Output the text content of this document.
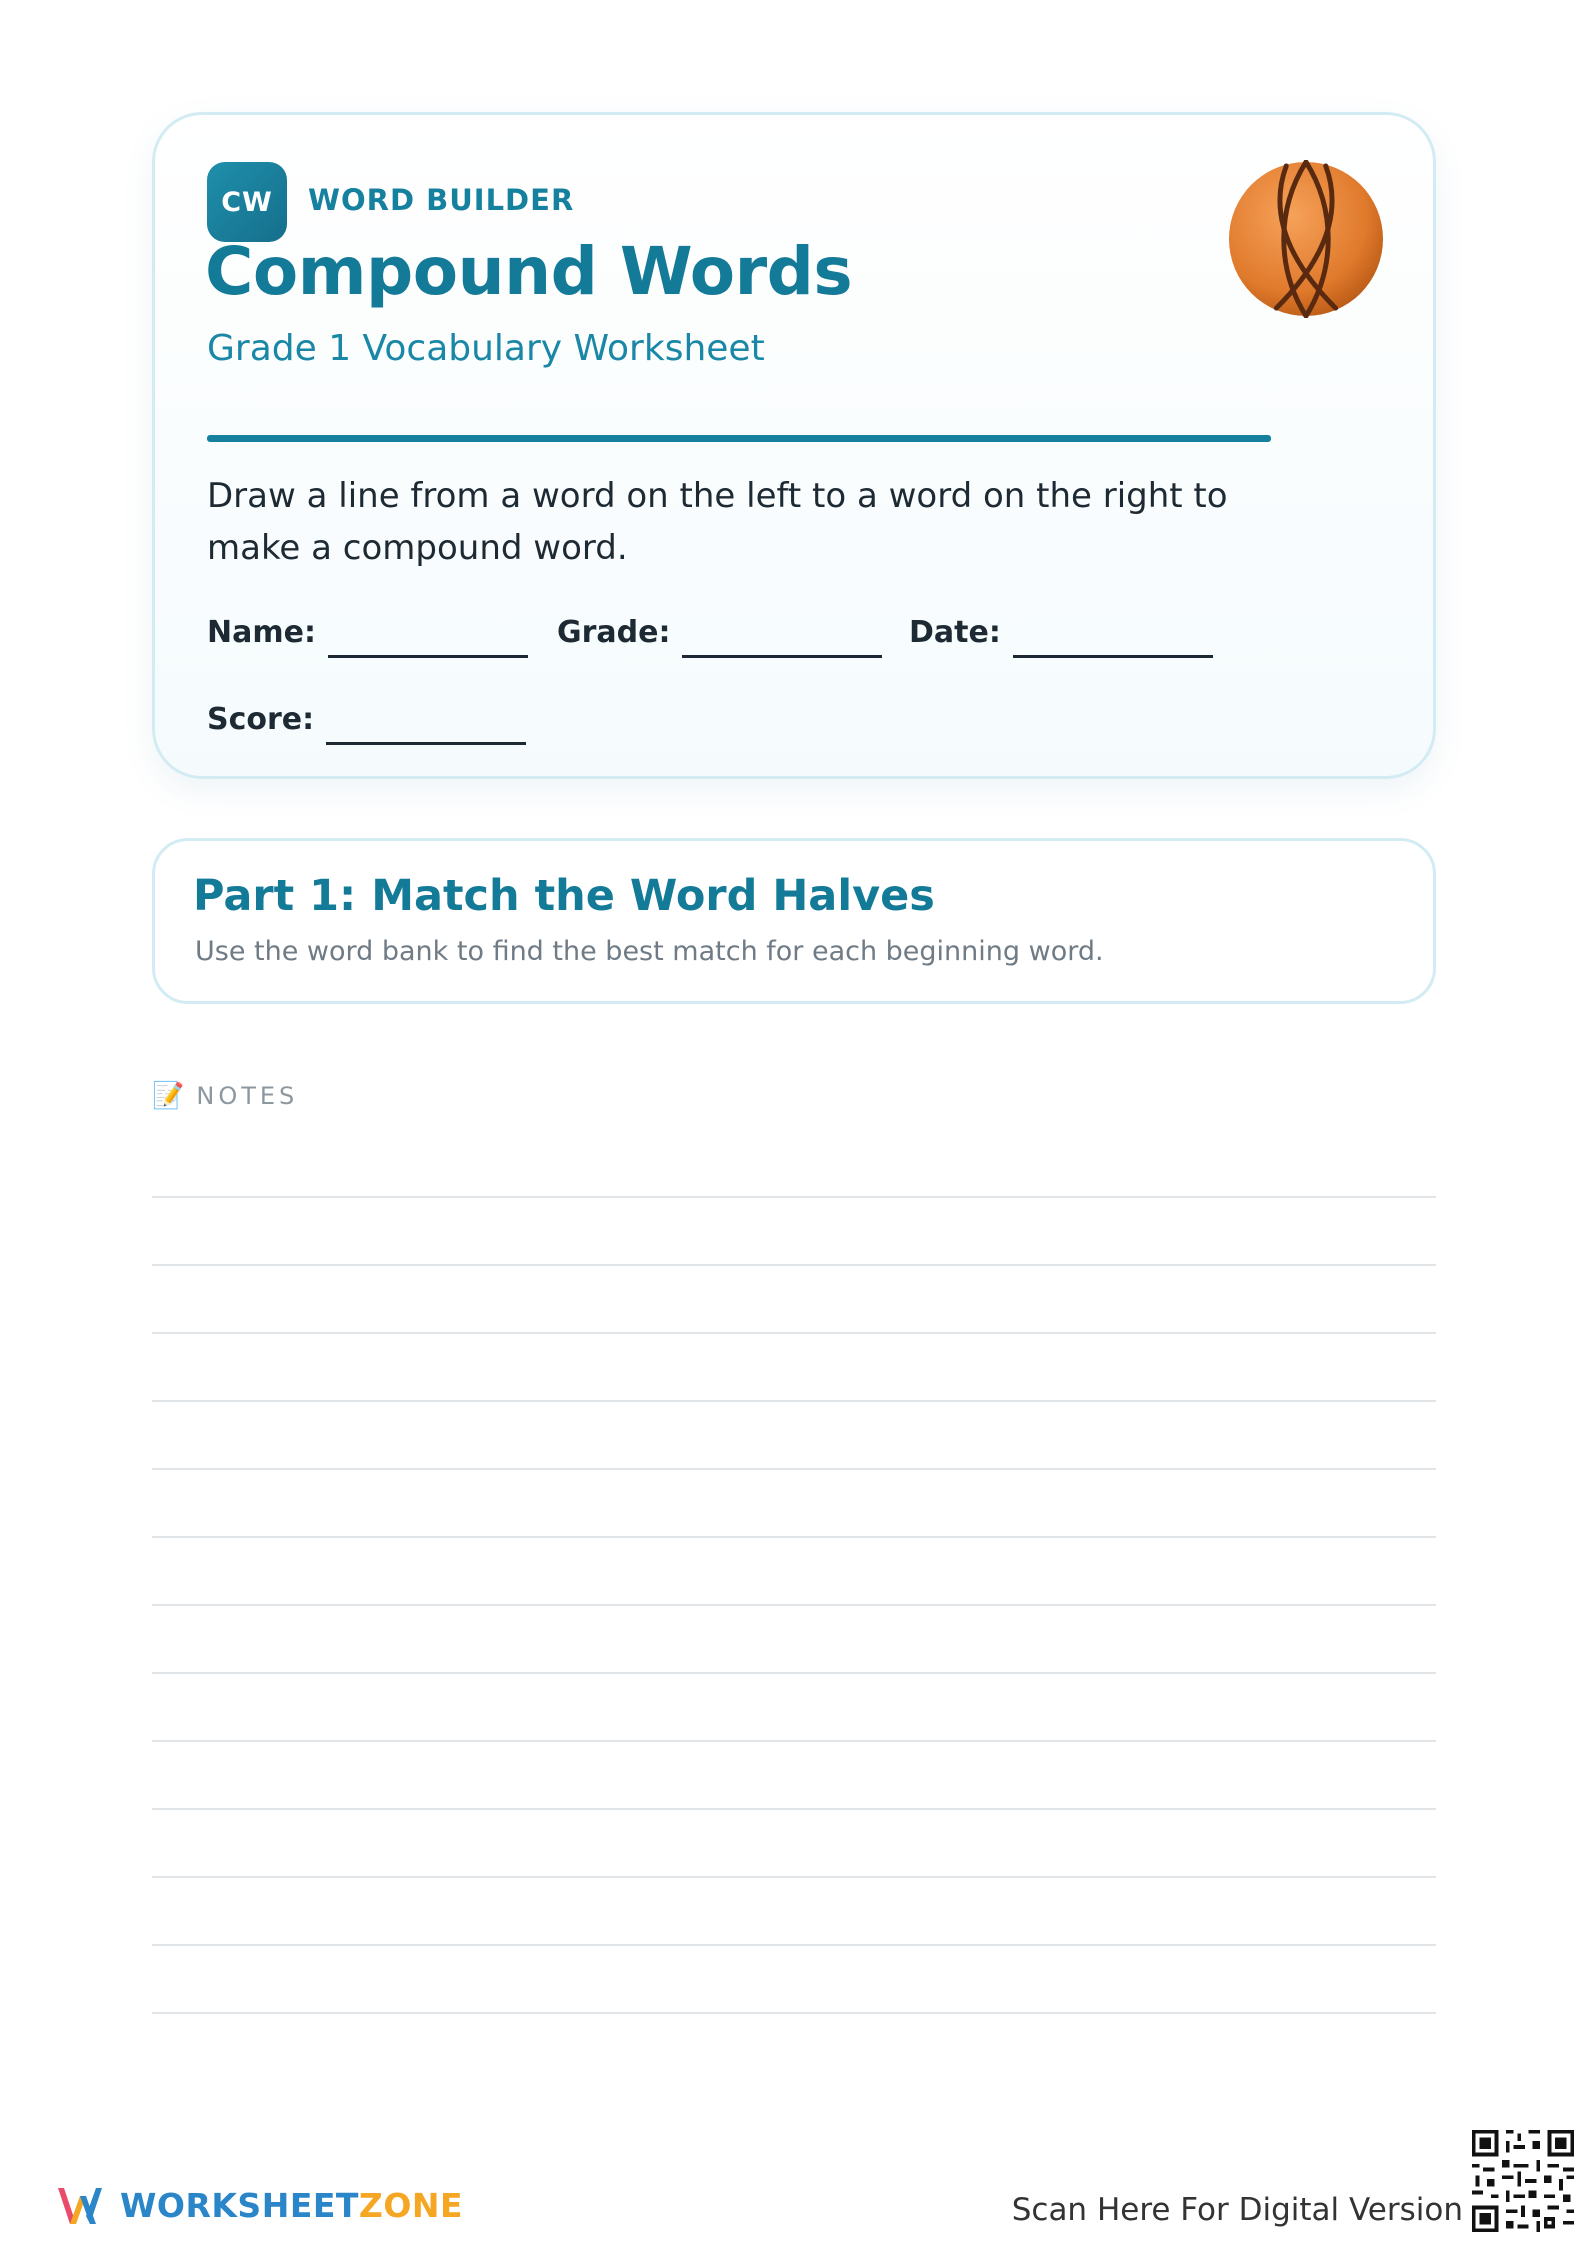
CW	WORD BUILDER
Compound Words
Grade 1 Vocabulary Worksheet
Draw a line from a word on the left to a word on the right to make a compound word.
Name:	Grade:	Date:
Score:
Part 1: Match the Word Halves
Use the word bank to find the best match for each beginning word.
📝 NOTES
WORKSHEETZONE	Scan Here For Digital Version
